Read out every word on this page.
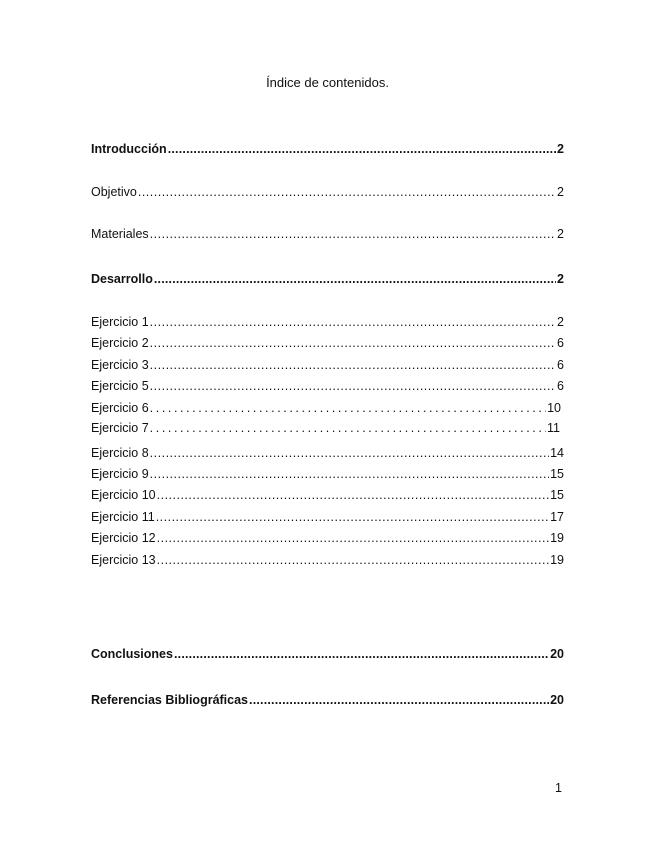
Índice de contenidos.
Introducción .....	2
Objetivo .....	2
Materiales .....	2
Desarrollo .....	2
Ejercicio 1 .....	2
Ejercicio 2 .....	6
Ejercicio 3 .....	6
Ejercicio 5 .....	6
Ejercicio 6 .....	10
Ejercicio 7 .....	11
Ejercicio 8 .....	14
Ejercicio 9 .....	15
Ejercicio 10 .....	15
Ejercicio 11 .....	17
Ejercicio 12 .....	19
Ejercicio 13 .....	19
Conclusiones .....	20
Referencias Bibliográficas .....	20
1
